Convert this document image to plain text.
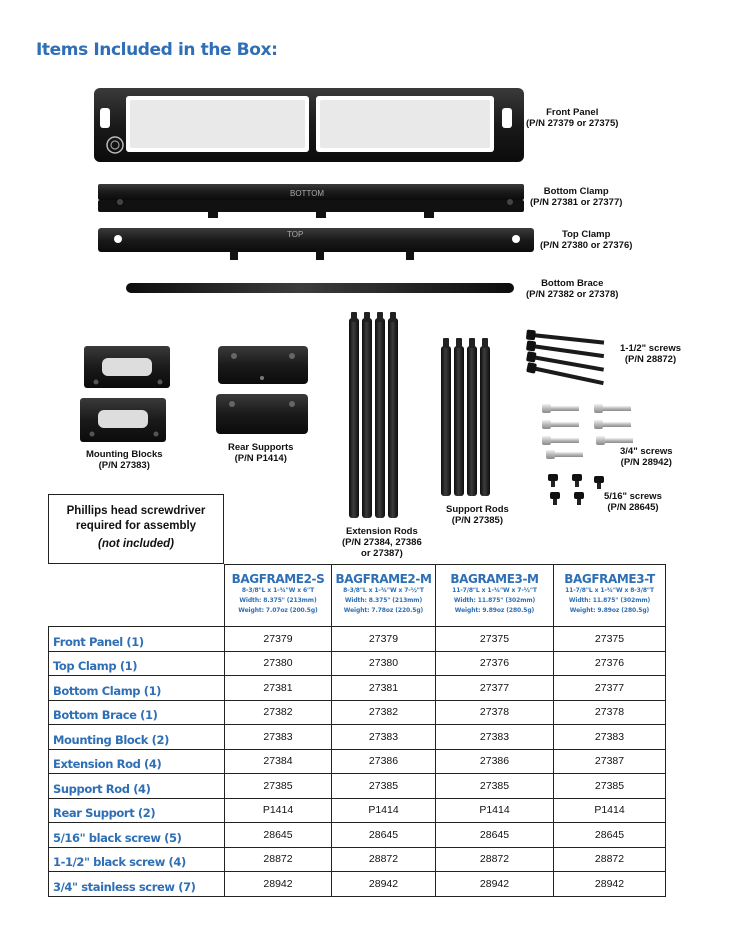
Items Included in the Box:
BOTTOM
TOP
Front Panel
(P/N 27379 or 27375)
Bottom Clamp
(P/N 27381 or 27377)
Top Clamp
(P/N 27380 or 27376)
Bottom Brace
(P/N 27382 or 27378)
1-1/2" screws
(P/N 28872)
3/4" screws
(P/N 28942)
5/16" screws
(P/N 28645)
Mounting Blocks
(P/N 27383)
Rear Supports
(P/N P1414)
Extension Rods
(P/N 27384, 27386
or 27387)
Support Rods
(P/N 27385)
Phillips head screwdriver
required for assembly
(not included)

	BAGFRAME2-S
8-3/8"L x 1-¾"W x 6"T
Width: 8.375" (213mm)
Weight: 7.07oz (200.5g)	BAGFRAME2-M
8-3/8"L x 1-¾"W x 7-½"T
Width: 8.375" (213mm)
Weight: 7.78oz (220.5g)	BAGRAME3-M
11-7/8"L x 1-¾"W x 7-½"T
Width: 11.875" (302mm)
Weight: 9.89oz (280.5g)	BAGFRAME3-T
11-7/8"L x 1-¾"W x 8-3/8"T
Width: 11.875" (302mm)
Weight: 9.89oz (280.5g)

Front Panel (1)	27379	27379	27375	27375
Top Clamp (1)	27380	27380	27376	27376
Bottom Clamp (1)	27381	27381	27377	27377
Bottom Brace (1)	27382	27382	27378	27378
Mounting Block (2)	27383	27383	27383	27383
Extension Rod (4)	27384	27386	27386	27387
Support Rod (4)	27385	27385	27385	27385
Rear Support (2)	P1414	P1414	P1414	P1414
5/16" black screw (5)	28645	28645	28645	28645
1-1/2" black screw (4)	28872	28872	28872	28872
3/4" stainless screw (7)	28942	28942	28942	28942
